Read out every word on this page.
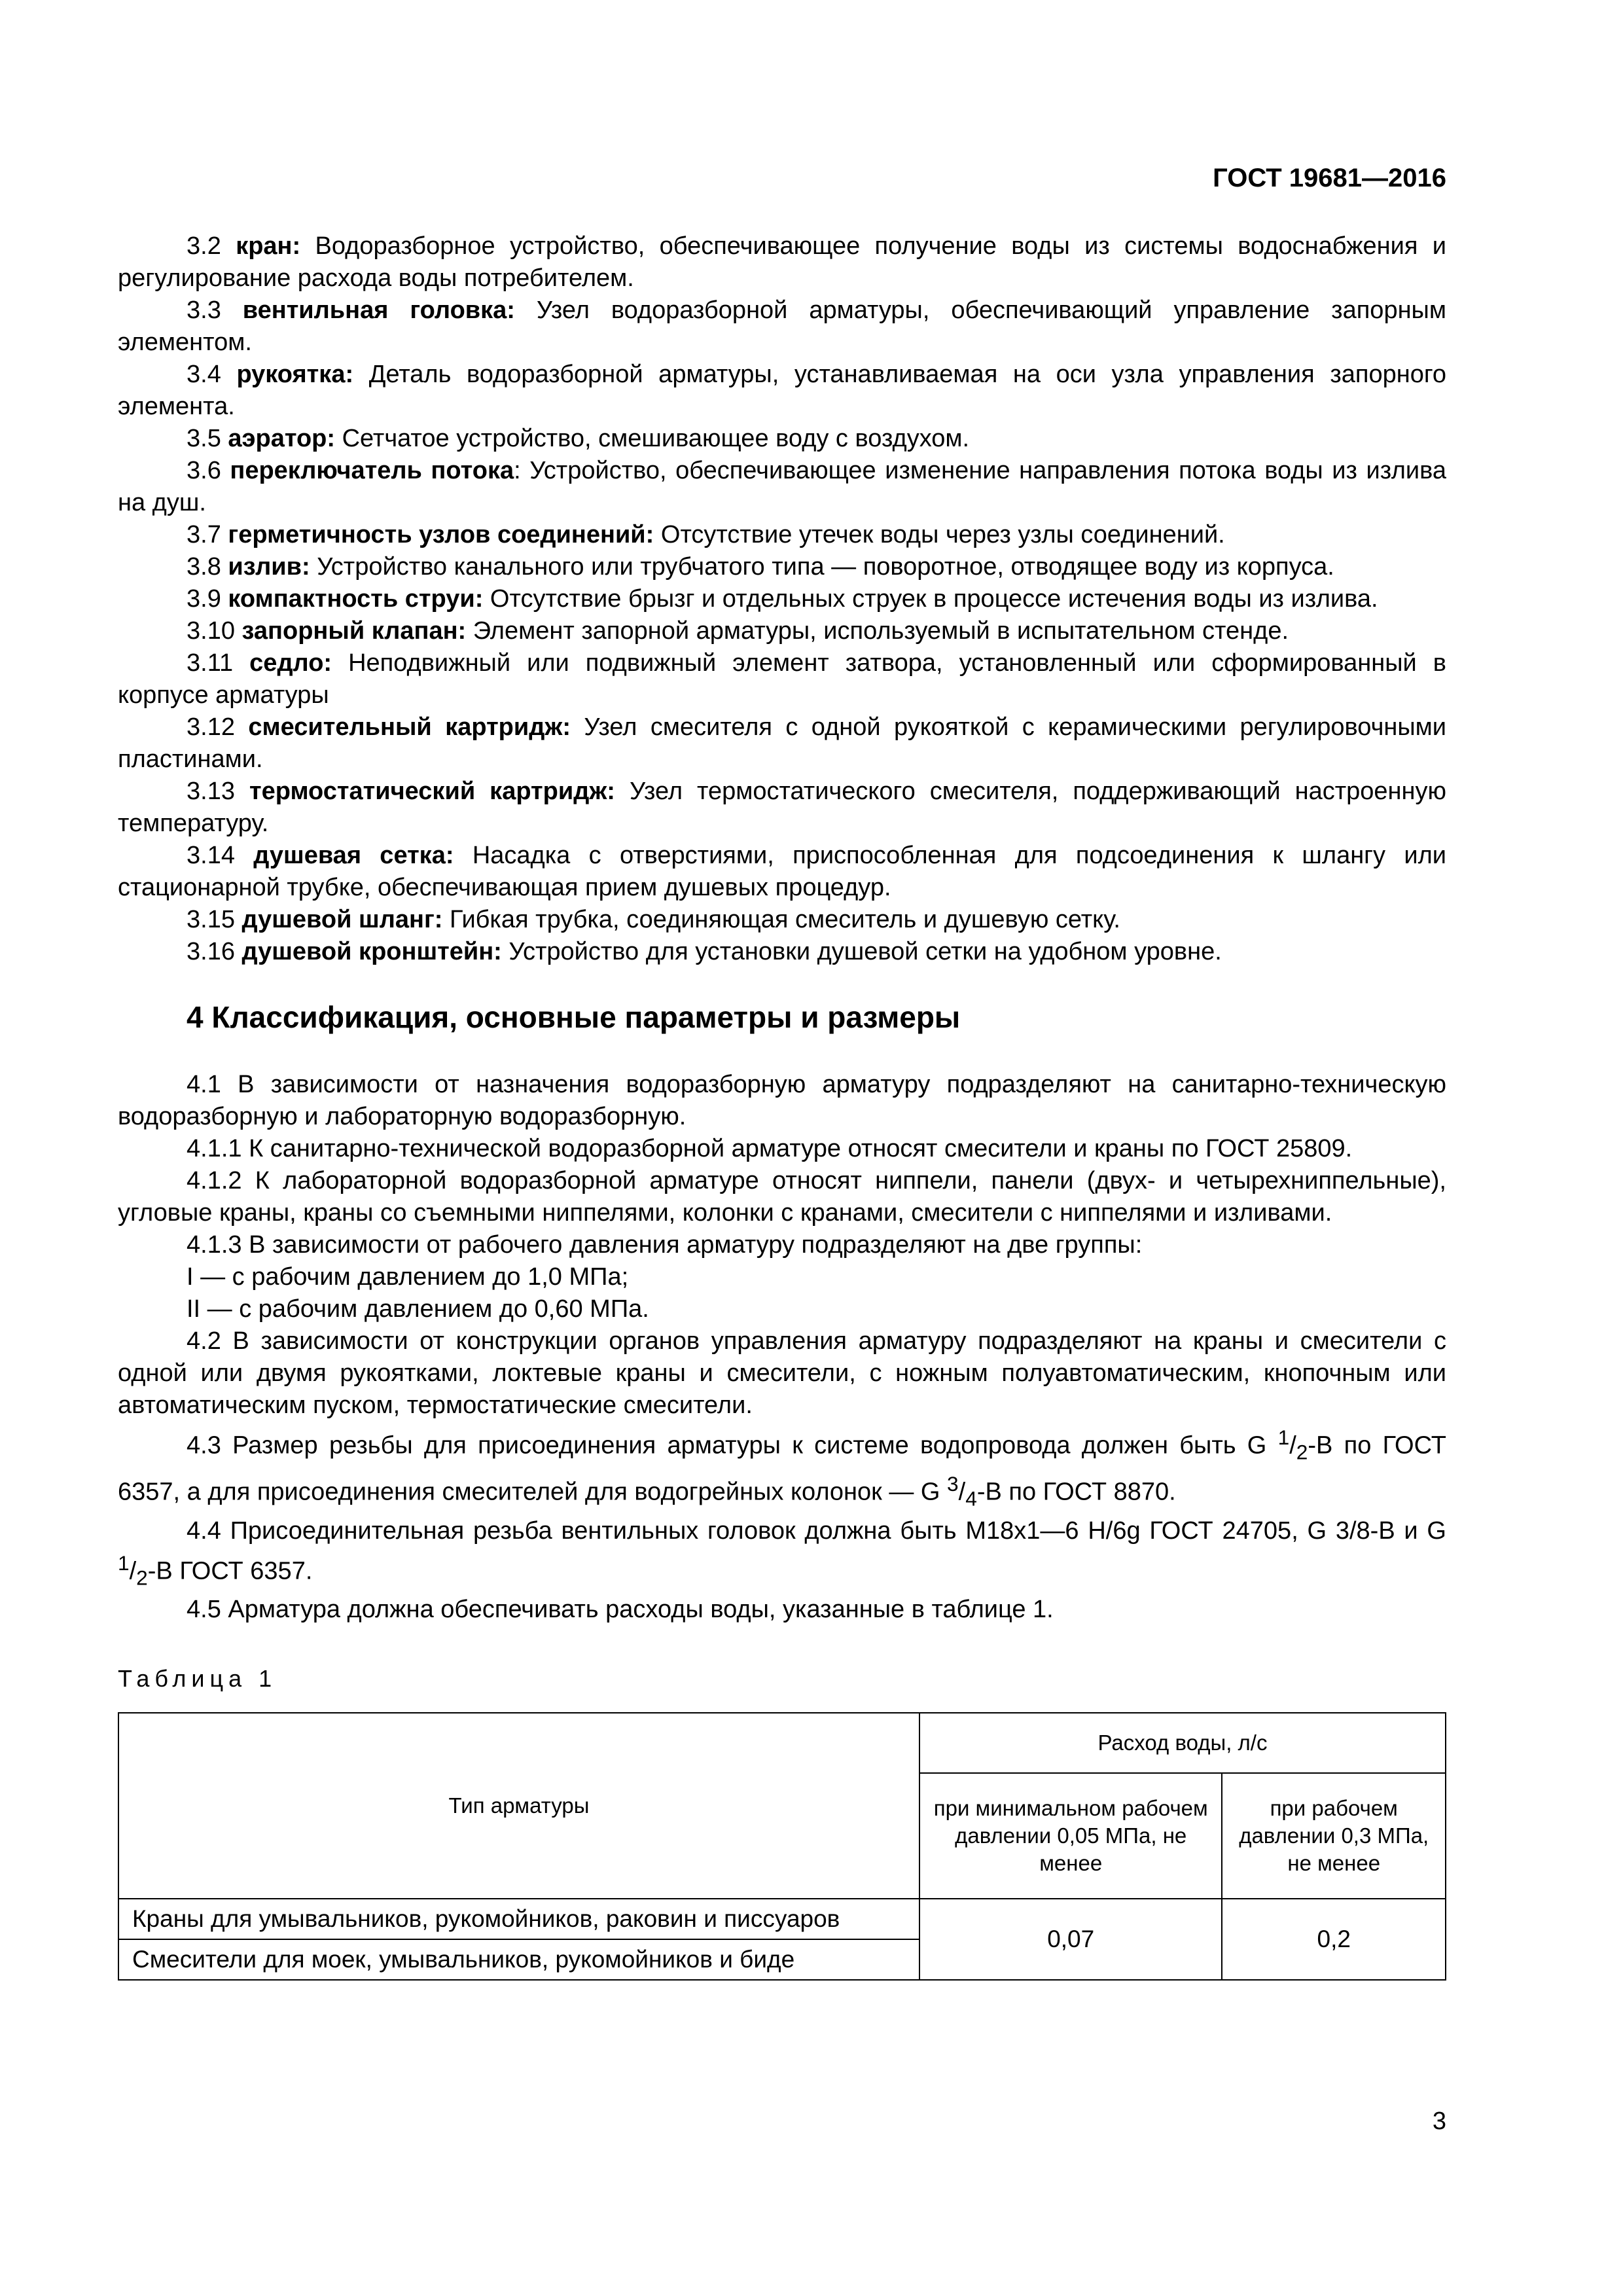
ГОСТ 19681—2016

3.2 кран: Водоразборное устройство, обеспечивающее получение воды из системы водоснабжения и регулирование расхода воды потребителем.

3.3 вентильная головка: Узел водоразборной арматуры, обеспечивающий управление запорным элементом.

3.4 рукоятка: Деталь водоразборной арматуры, устанавливаемая на оси узла управления запорного элемента.

3.5 аэратор: Сетчатое устройство, смешивающее воду с воздухом.

3.6 переключатель потока: Устройство, обеспечивающее изменение направления потока воды из излива на душ.

3.7 герметичность узлов соединений: Отсутствие утечек воды через узлы соединений.

3.8 излив: Устройство канального или трубчатого типа — поворотное, отводящее воду из корпуса.

3.9 компактность струи: Отсутствие брызг и отдельных струек в процессе истечения воды из излива.

3.10 запорный клапан: Элемент запорной арматуры, используемый в испытательном стенде.

3.11 седло: Неподвижный или подвижный элемент затвора, установленный или сформированный в корпусе арматуры

3.12 смесительный картридж: Узел смесителя с одной рукояткой с керамическими регулировочными пластинами.

3.13 термостатический картридж: Узел термостатического смесителя, поддерживающий настроенную температуру.

3.14 душевая сетка: Насадка с отверстиями, приспособленная для подсоединения к шлангу или стационарной трубке, обеспечивающая прием душевых процедур.

3.15 душевой шланг: Гибкая трубка, соединяющая смеситель и душевую сетку.

3.16 душевой кронштейн: Устройство для установки душевой сетки на удобном уровне.

4 Классификация, основные параметры и размеры

4.1 В зависимости от назначения водоразборную арматуру подразделяют на санитарно-техническую водоразборную и лабораторную водоразборную.

4.1.1 К санитарно-технической водоразборной арматуре относят смесители и краны по ГОСТ 25809.

4.1.2 К лабораторной водоразборной арматуре относят ниппели, панели (двух- и четырехниппельные), угловые краны, краны со съемными ниппелями, колонки с кранами, смесители с ниппелями и изливами.

4.1.3 В зависимости от рабочего давления арматуру подразделяют на две группы:

I — с рабочим давлением до 1,0 МПа;

II — с рабочим давлением до 0,60 МПа.

4.2 В зависимости от конструкции органов управления арматуру подразделяют на краны и смесители с одной или двумя рукоятками, локтевые краны и смесители, с ножным полуавтоматическим, кнопочным или автоматическим пуском, термостатические смесители.

4.3 Размер резьбы для присоединения арматуры к системе водопровода должен быть G $^1/_2-В$ по ГОСТ 6357, а для присоединения смесителей для водогрейных колонок — G $^3/_4-В$ по ГОСТ 8870.

4.4 Присоединительная резьба вентильных головок должна быть М18х1—6 Н/6g ГОСТ 24705, G 3/8-В и G $^1/_2-В$ ГОСТ 6357.

4.5 Арматура должна обеспечивать расходы воды, указанные в таблице 1.

Таблица 1
Тип арматуры	Расход воды, л/с	
	при минимальном рабочем давлении 0,05 МПа, не менее	при рабочем давлении 0,3 МПа, не менее
Краны для умывальников, рукомойников, раковин и писсуаров	0,07	0,2
Смесители для моек, умывальников, рукомойников и биде		
3
